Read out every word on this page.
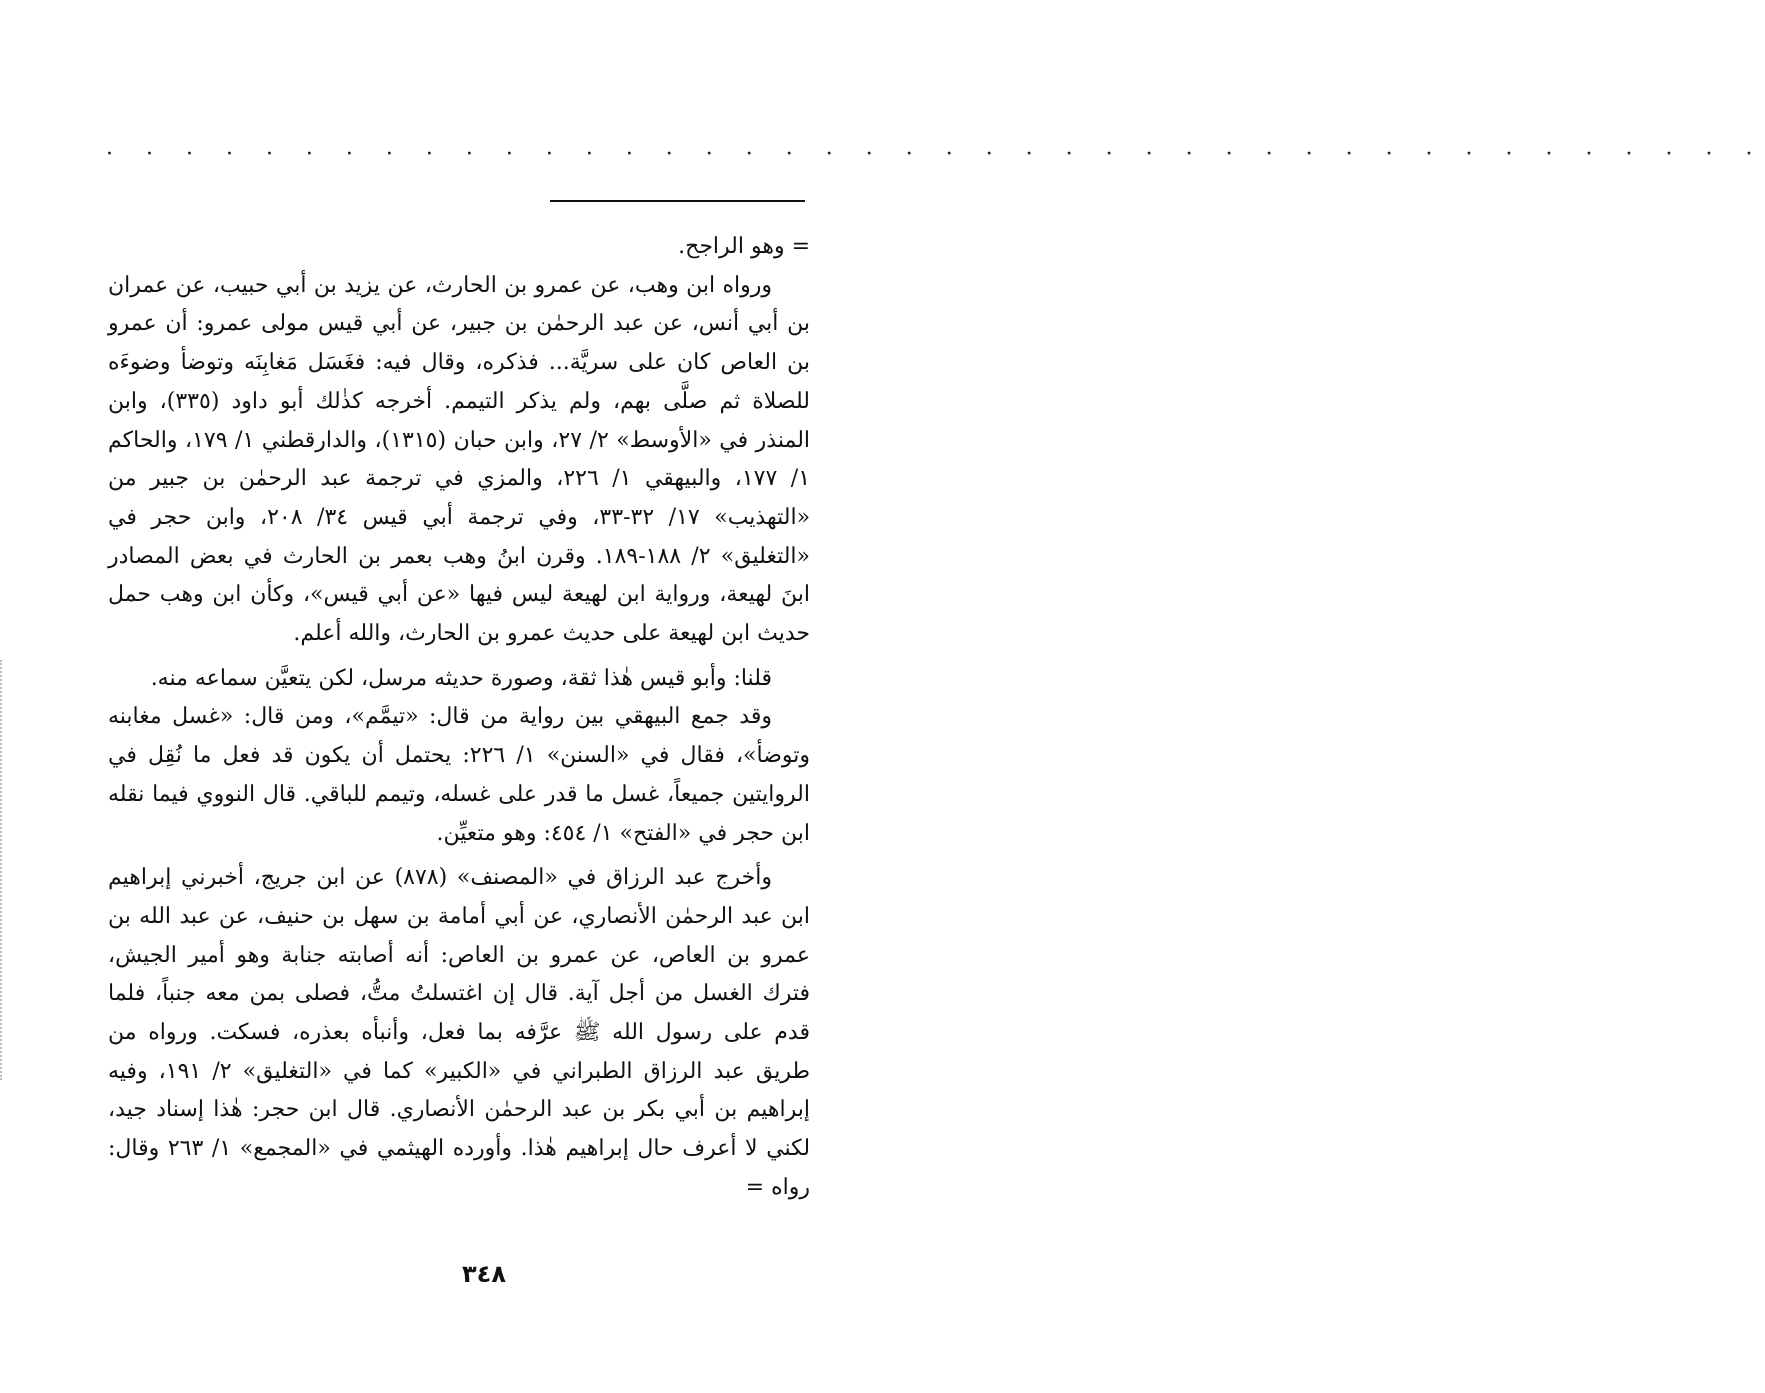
· · · · · · · · · · · · · · · · · · · · · · · · · · · · · · · · · · · · · · · · · ·

= وهو الراجح.

ورواه ابن وهب، عن عمرو بن الحارث، عن يزيد بن أبي حبيب، عن عمران بن أبي أنس، عن عبد الرحمٰن بن جبير، عن أبي قيس مولى عمرو: أن عمرو بن العاص كان على سريَّة... فذكره، وقال فيه: فغَسَل مَغابِنَه وتوضأ وضوءَه للصلاة ثم صلَّى بهم، ولم يذكر التيمم. أخرجه كذٰلك أبو داود (٣٣٥)، وابن المنذر في «الأوسط» ٢/ ٢٧، وابن حبان (١٣١٥)، والدارقطني ١/ ١٧٩، والحاكم ١/ ١٧٧، والبيهقي ١/ ٢٢٦، والمزي في ترجمة عبد الرحمٰن بن جبير من «التهذيب» ١٧/ ٣٢-٣٣، وفي ترجمة أبي قيس ٣٤/ ٢٠٨، وابن حجر في «التغليق» ٢/ ١٨٨-١٨٩. وقرن ابنُ وهب بعمر بن الحارث في بعض المصادر ابنَ لهيعة، ورواية ابن لهيعة ليس فيها «عن أبي قيس»، وكأن ابن وهب حمل حديث ابن لهيعة على حديث عمرو بن الحارث، والله أعلم.

قلنا: وأبو قيس هٰذا ثقة، وصورة حديثه مرسل، لكن يتعيَّن سماعه منه.

وقد جمع البيهقي بين رواية من قال: «تيمَّم»، ومن قال: «غسل مغابنه وتوضأ»، فقال في «السنن» ١/ ٢٢٦: يحتمل أن يكون قد فعل ما نُقِل في الروايتين جميعاً، غسل ما قدر على غسله، وتيمم للباقي. قال النووي فيما نقله ابن حجر في «الفتح» ١/ ٤٥٤: وهو متعيِّن.

وأخرج عبد الرزاق في «المصنف» (٨٧٨) عن ابن جريج، أخبرني إبراهيم ابن عبد الرحمٰن الأنصاري، عن أبي أمامة بن سهل بن حنيف، عن عبد الله بن عمرو بن العاص، عن عمرو بن العاص: أنه أصابته جنابة وهو أمير الجيش، فترك الغسل من أجل آية. قال إن اغتسلتُ متُّ، فصلى بمن معه جنباً، فلما قدم على رسول الله ﷺ عرَّفه بما فعل، وأنبأه بعذره، فسكت. ورواه من طريق عبد الرزاق الطبراني في «الكبير» كما في «التغليق» ٢/ ١٩١، وفيه إبراهيم بن أبي بكر بن عبد الرحمٰن الأنصاري. قال ابن حجر: هٰذا إسناد جيد، لكني لا أعرف حال إبراهيم هٰذا. وأورده الهيثمي في «المجمع» ١/ ٢٦٣ وقال: رواه =

٣٤٨
